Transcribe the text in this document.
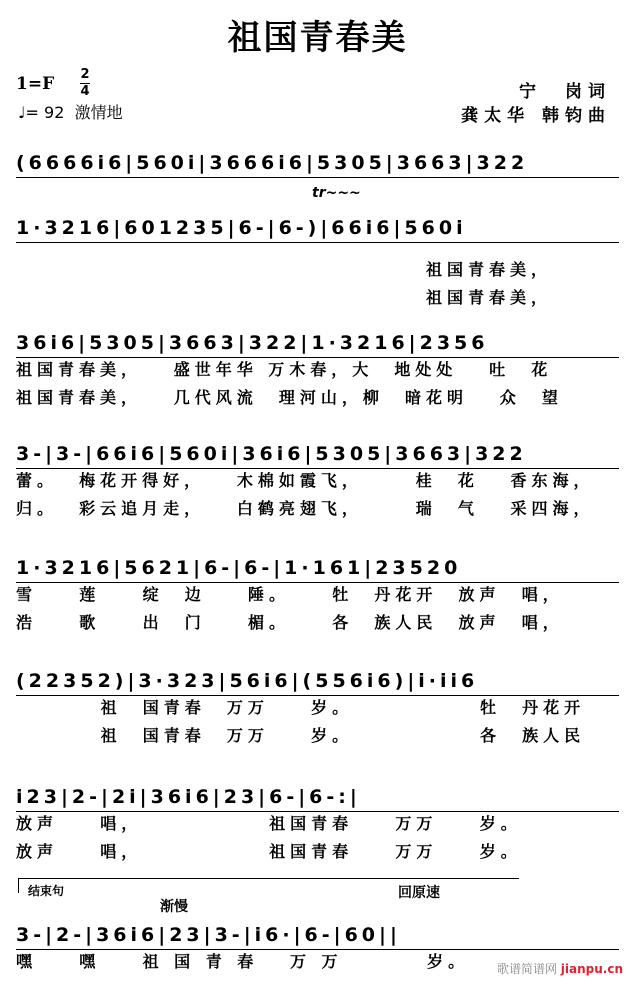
祖国青春美
1=F 2
4
♩= 92 激情地
宁　岗词
龚太华 韩钧曲
(6666i6|560i|3666i6|5305|3663|322
tr~~~
1·3216|601235|6-|6-)|66i6|560i
祖国青春美，
祖国青春美，
36i6|5305|3663|322|1·3216|2356
祖国青春美，   盛世年华 万木春，大  地处处   吐  花
祖国青春美，   几代风流  理河山，柳  暗花明   众  望
3-|3-|66i6|560i|36i6|5305|3663|322
蕾。  梅花开得好，   木棉如霞飞，     桂  花   香东海，
归。  彩云追月走，   白鹤亮翅飞，     瑞  气   采四海，
1·3216|5621|6-|6-|1·161|23520
雪    莲    绽  边    陲。    牡  丹花开  放声  唱，
浩    歌    出  门    楣。    各  族人民  放声  唱，
(22352)|3·323|56i6|(556i6)|i·ii6
祖  国青春  万万    岁。            牡  丹花开
祖  国青春  万万    岁。            各  族人民
i23|2-|2i|36i6|23|6-|6-:|
放声    唱，            祖国青春    万万    岁。
放声    唱，            祖国青春    万万    岁。
结束句
渐慢
回原速
3-|2-|36i6|23|3-|i6·|6-|60||
嘿    嘿    祖 国 青 春   万 万        岁。	歌谱简谱网 jianpu.cn
